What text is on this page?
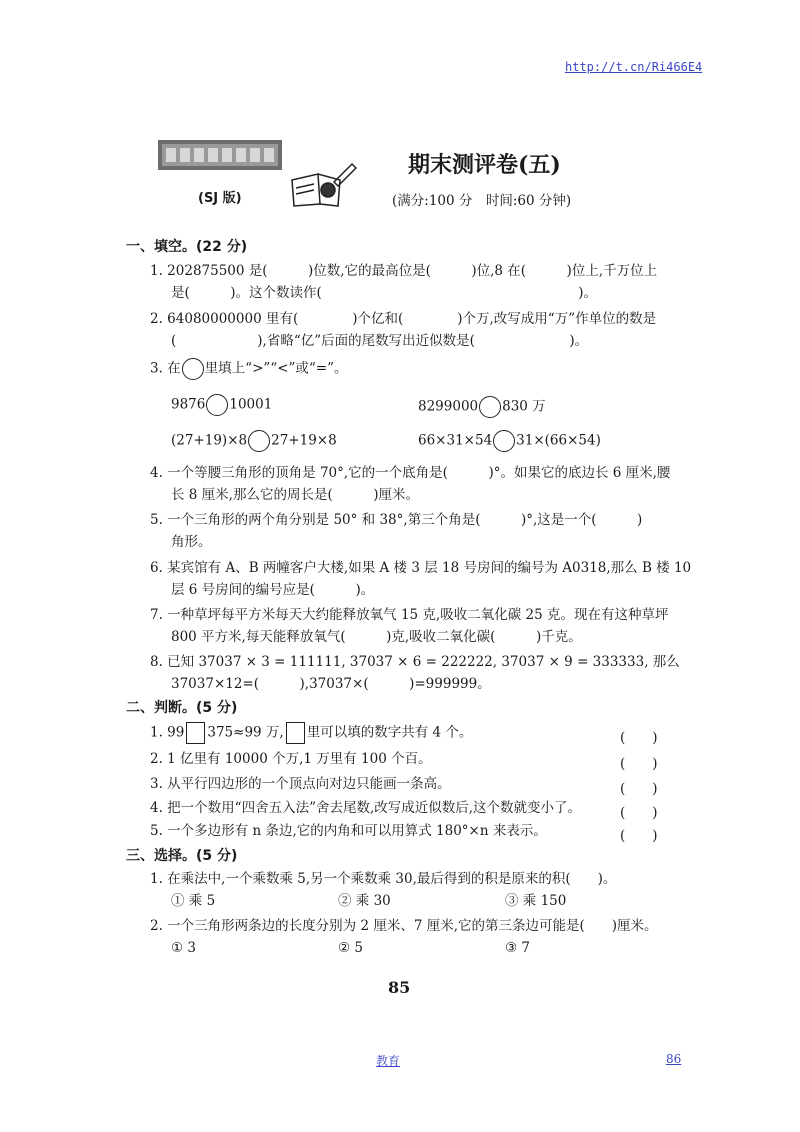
http://t.cn/Ri466E4
(SJ 版)
期末测评卷(五)
(满分:100 分　时间:60 分钟)
一、填空。(22 分)
1. 202875500 是(　　　)位数,它的最高位是(　　　)位,8 在(　　　)位上,千万位上
是(　　　)。这个数读作(　　　　　　　　　　　　　　　　　　　)。
2. 64080000000 里有(　　　　)个亿和(　　　　)个万,改写成用“万”作单位的数是
(　　　　　　),省略“亿”后面的尾数写出近似数是(　　　　　　　)。
3. 在 里填上“>”“<”或“=”。
9876 10001	8299000 830 万
(27+19)×8 27+19×8	66×31×54 31×(66×54)
4. 一个等腰三角形的顶角是 70°,它的一个底角是(　　　)°。如果它的底边长 6 厘米,腰
长 8 厘米,那么它的周长是(　　　)厘米。
5. 一个三角形的两个角分别是 50° 和 38°,第三个角是(　　　)°,这是一个(　　　)
角形。
6. 某宾馆有 A、B 两幢客户大楼,如果 A 楼 3 层 18 号房间的编号为 A0318,那么 B 楼 10
层 6 号房间的编号应是(　　　)。
7. 一种草坪每平方米每天大约能释放氧气 15 克,吸收二氧化碳 25 克。现在有这种草坪
800 平方米,每天能释放氧气(　　　)克,吸收二氧化碳(　　　)千克。
8. 已知 37037 × 3 = 111111, 37037 × 6 = 222222, 37037 × 9 = 333333, 那么
37037×12=(　　　),37037×(　　　)=999999。
二、判断。(5 分)
1. 99 375≈99 万, 里可以填的数字共有 4 个。	(　　)
2. 1 亿里有 10000 个万,1 万里有 100 个百。	(　　)
3. 从平行四边形的一个顶点向对边只能画一条高。	(　　)
4. 把一个数用“四舍五入法”舍去尾数,改写成近似数后,这个数就变小了。	(　　)
5. 一个多边形有 n 条边,它的内角和可以用算式 180°×n 来表示。	(　　)
三、选择。(5 分)
1. 在乘法中,一个乘数乘 5,另一个乘数乘 30,最后得到的积是原来的积(　　)。
① 乘 5	② 乘 30	③ 乘 150
2. 一个三角形两条边的长度分别为 2 厘米、7 厘米,它的第三条边可能是(　　)厘米。
① 3	② 5	③ 7
85
教育	86
